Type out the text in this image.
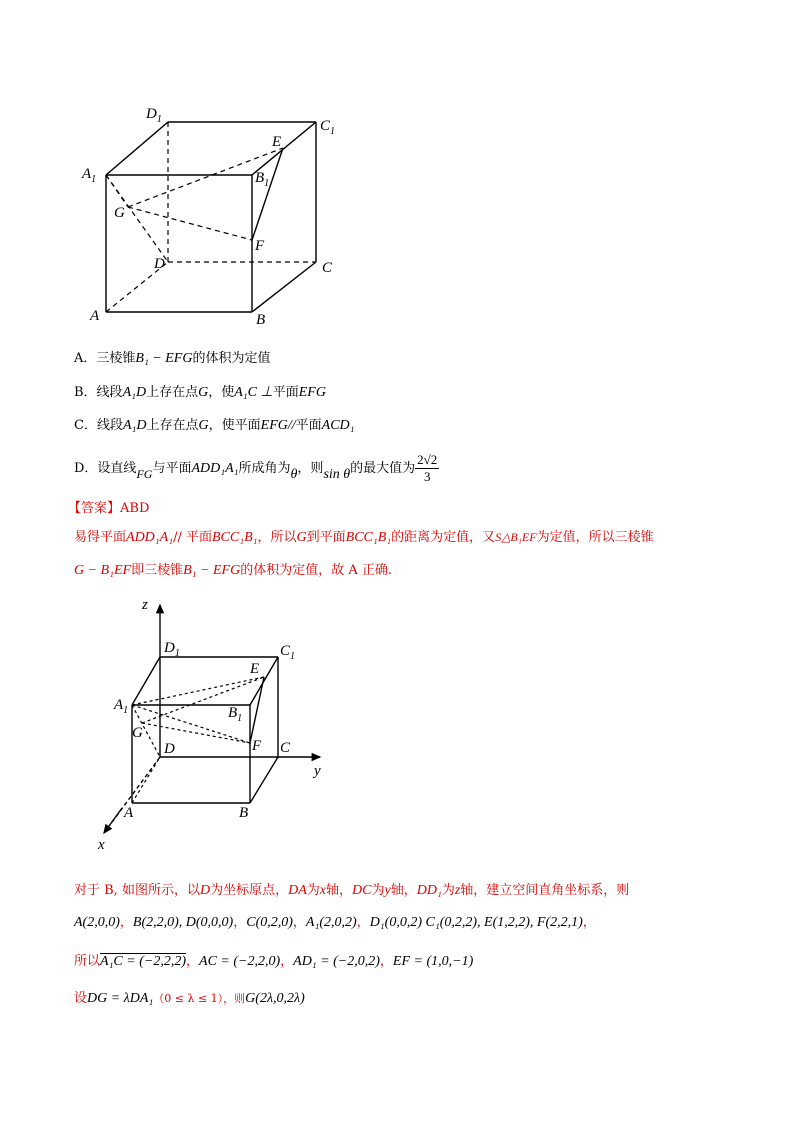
$D_1$	$C_1$
$A_1$	$B_1$
E
G
F
D	C
A	B
A．三棱锥B₁ − EFG的体积为定值
B．线段A₁D上存在点G，使A₁C ⊥平面EFG
C．线段A₁D上存在点G，使平面EFG//平面ACD₁
D．设直线FG与平面ADD₁A₁所成角为θ，则sin θ的最大值为 $\frac{2√2}{3}$
【答案】ABD
易得平面ADD₁A₁// 平面BCC₁B₁，所以G到平面BCC₁B₁的距离为定值，又S△B₁EF为定值，所以三棱锥
G − B₁EF即三棱锥B₁ − EFG的体积为定值，故 A 正确.
z
y
x
$D_1$	$C_1$
E
$A_1$	$B_1$
G
D	F C
A	B
对于 B, 如图所示，以D为坐标原点，DA为x轴，DC为y轴，DD₁为z轴，建立空间直角坐标系，则
A(2,0,0)，B(2,2,0), D(0,0,0)，C(0,2,0)，A₁(2,0,2)，D₁(0,0,2) C₁(0,2,2), E(1,2,2), F(2,2,1)，
所以A₁C = (−2,2,2)，AC = (−2,2,0)，AD₁ = (−2,0,2)，EF = (1,0,−1)
设DG = λDA₁（0 ≤ λ ≤ 1），则G(2λ,0,2λ)
